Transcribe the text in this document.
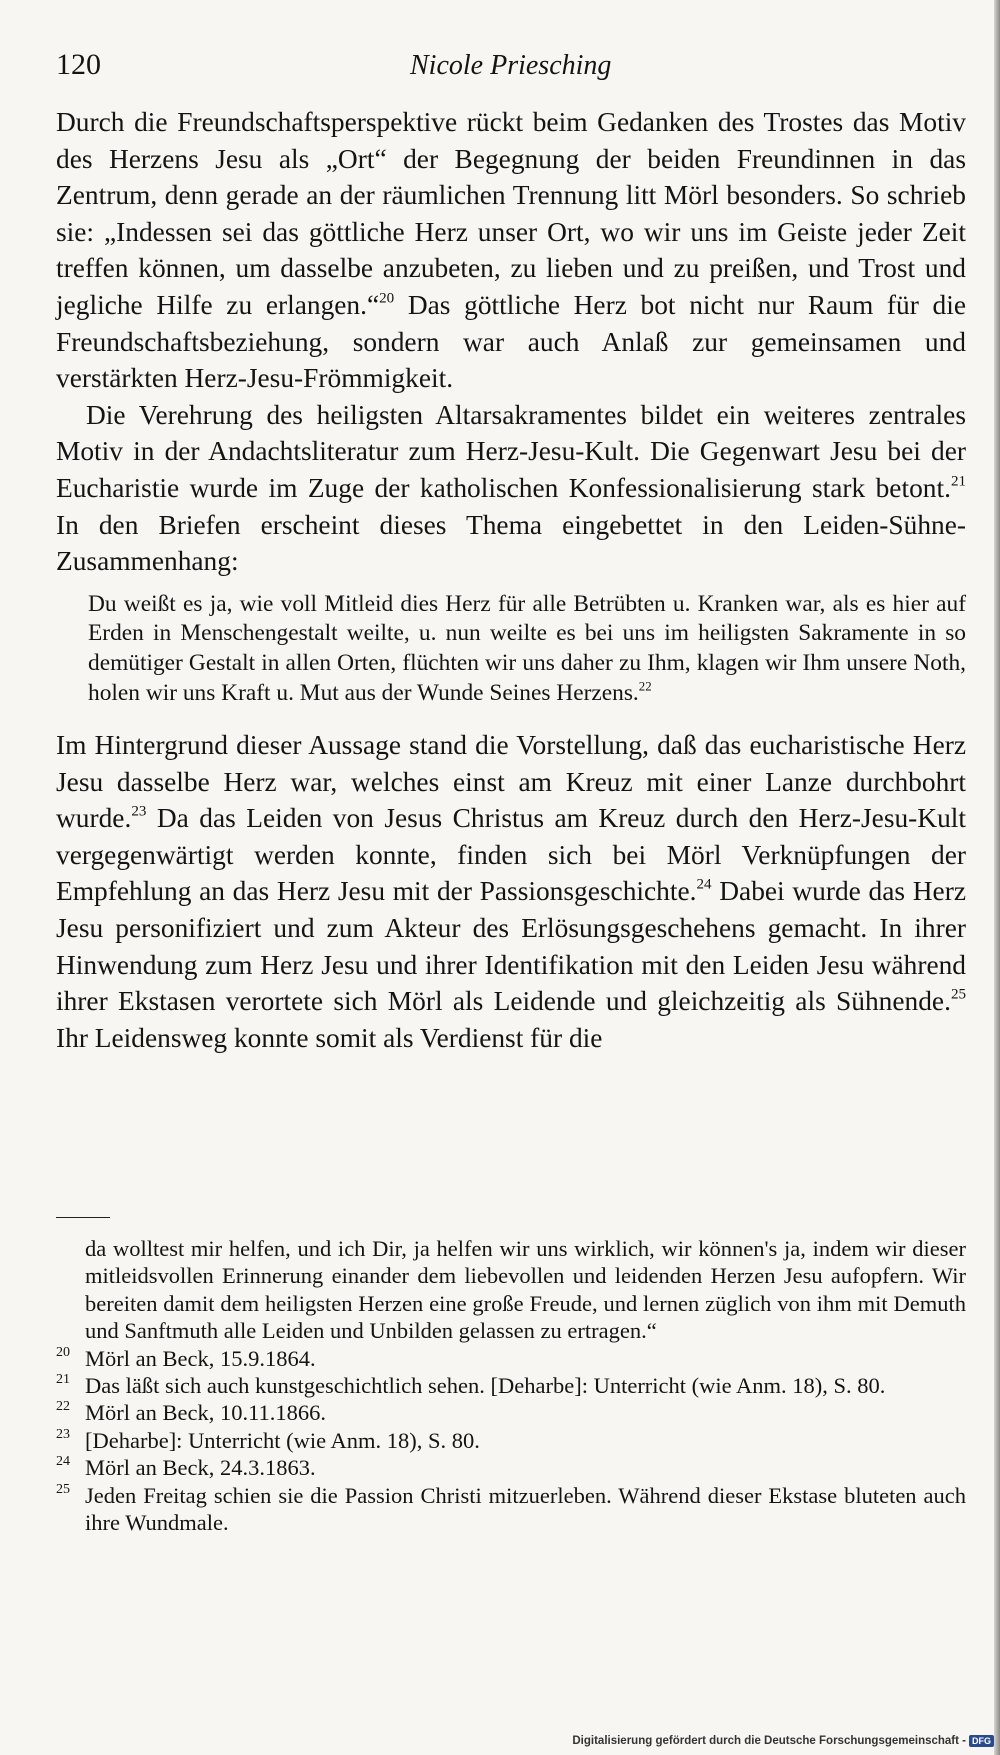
120	Nicole Priesching

Durch die Freundschaftsperspektive rückt beim Gedanken des Trostes das Motiv des Herzens Jesu als „Ort“ der Begegnung der beiden Freundinnen in das Zentrum, denn gerade an der räumlichen Trennung litt Mörl besonders. So schrieb sie: „Indessen sei das göttliche Herz unser Ort, wo wir uns im Geiste jeder Zeit treffen können, um dasselbe anzubeten, zu lieben und zu preißen, und Trost und jegliche Hilfe zu erlangen.“$^{20}$ Das göttliche Herz bot nicht nur Raum für die Freundschaftsbeziehung, sondern war auch Anlaß zur gemeinsamen und verstärkten Herz-Jesu-Frömmigkeit.

Die Verehrung des heiligsten Altarsakramentes bildet ein weiteres zentrales Motiv in der Andachtsliteratur zum Herz-Jesu-Kult. Die Gegenwart Jesu bei der Eucharistie wurde im Zuge der katholischen Konfessionalisierung stark betont.$^{21}$ In den Briefen erscheint dieses Thema eingebettet in den Leiden-Sühne-Zusammenhang:

Du weißt es ja, wie voll Mitleid dies Herz für alle Betrübten u. Kranken war, als es hier auf Erden in Menschengestalt weilte, u. nun weilte es bei uns im heiligsten Sakramente in so demütiger Gestalt in allen Orten, flüchten wir uns daher zu Ihm, klagen wir Ihm unsere Noth, holen wir uns Kraft u. Mut aus der Wunde Seines Herzens.$^{22}$

Im Hintergrund dieser Aussage stand die Vorstellung, daß das eucharistische Herz Jesu dasselbe Herz war, welches einst am Kreuz mit einer Lanze durchbohrt wurde.$^{23}$ Da das Leiden von Jesus Christus am Kreuz durch den Herz-Jesu-Kult vergegenwärtigt werden konnte, finden sich bei Mörl Verknüpfungen der Empfehlung an das Herz Jesu mit der Passionsgeschichte.$^{24}$ Dabei wurde das Herz Jesu personifiziert und zum Akteur des Erlösungsgeschehens gemacht. In ihrer Hinwendung zum Herz Jesu und ihrer Identifikation mit den Leiden Jesu während ihrer Ekstasen verortete sich Mörl als Leidende und gleichzeitig als Sühnende.$^{25}$ Ihr Leidensweg konnte somit als Verdienst für die

da wolltest mir helfen, und ich Dir, ja helfen wir uns wirklich, wir können's ja, indem wir dieser mitleidsvollen Erinnerung einander dem liebevollen und leidenden Herzen Jesu aufopfern. Wir bereiten damit dem heiligsten Herzen eine große Freude, und lernen züglich von ihm mit Demuth und Sanftmuth alle Leiden und Unbilden gelassen zu ertragen.“

20 Mörl an Beck, 15.9.1864.

21 Das läßt sich auch kunstgeschichtlich sehen. [Deharbe]: Unterricht (wie Anm. 18), S. 80.

22 Mörl an Beck, 10.11.1866.

23 [Deharbe]: Unterricht (wie Anm. 18), S. 80.

24 Mörl an Beck, 24.3.1863.

25 Jeden Freitag schien sie die Passion Christi mitzuerleben. Während dieser Ekstase bluteten auch ihre Wundmale.

Digitalisierung gefördert durch die Deutsche Forschungsgemeinschaft - DFG
